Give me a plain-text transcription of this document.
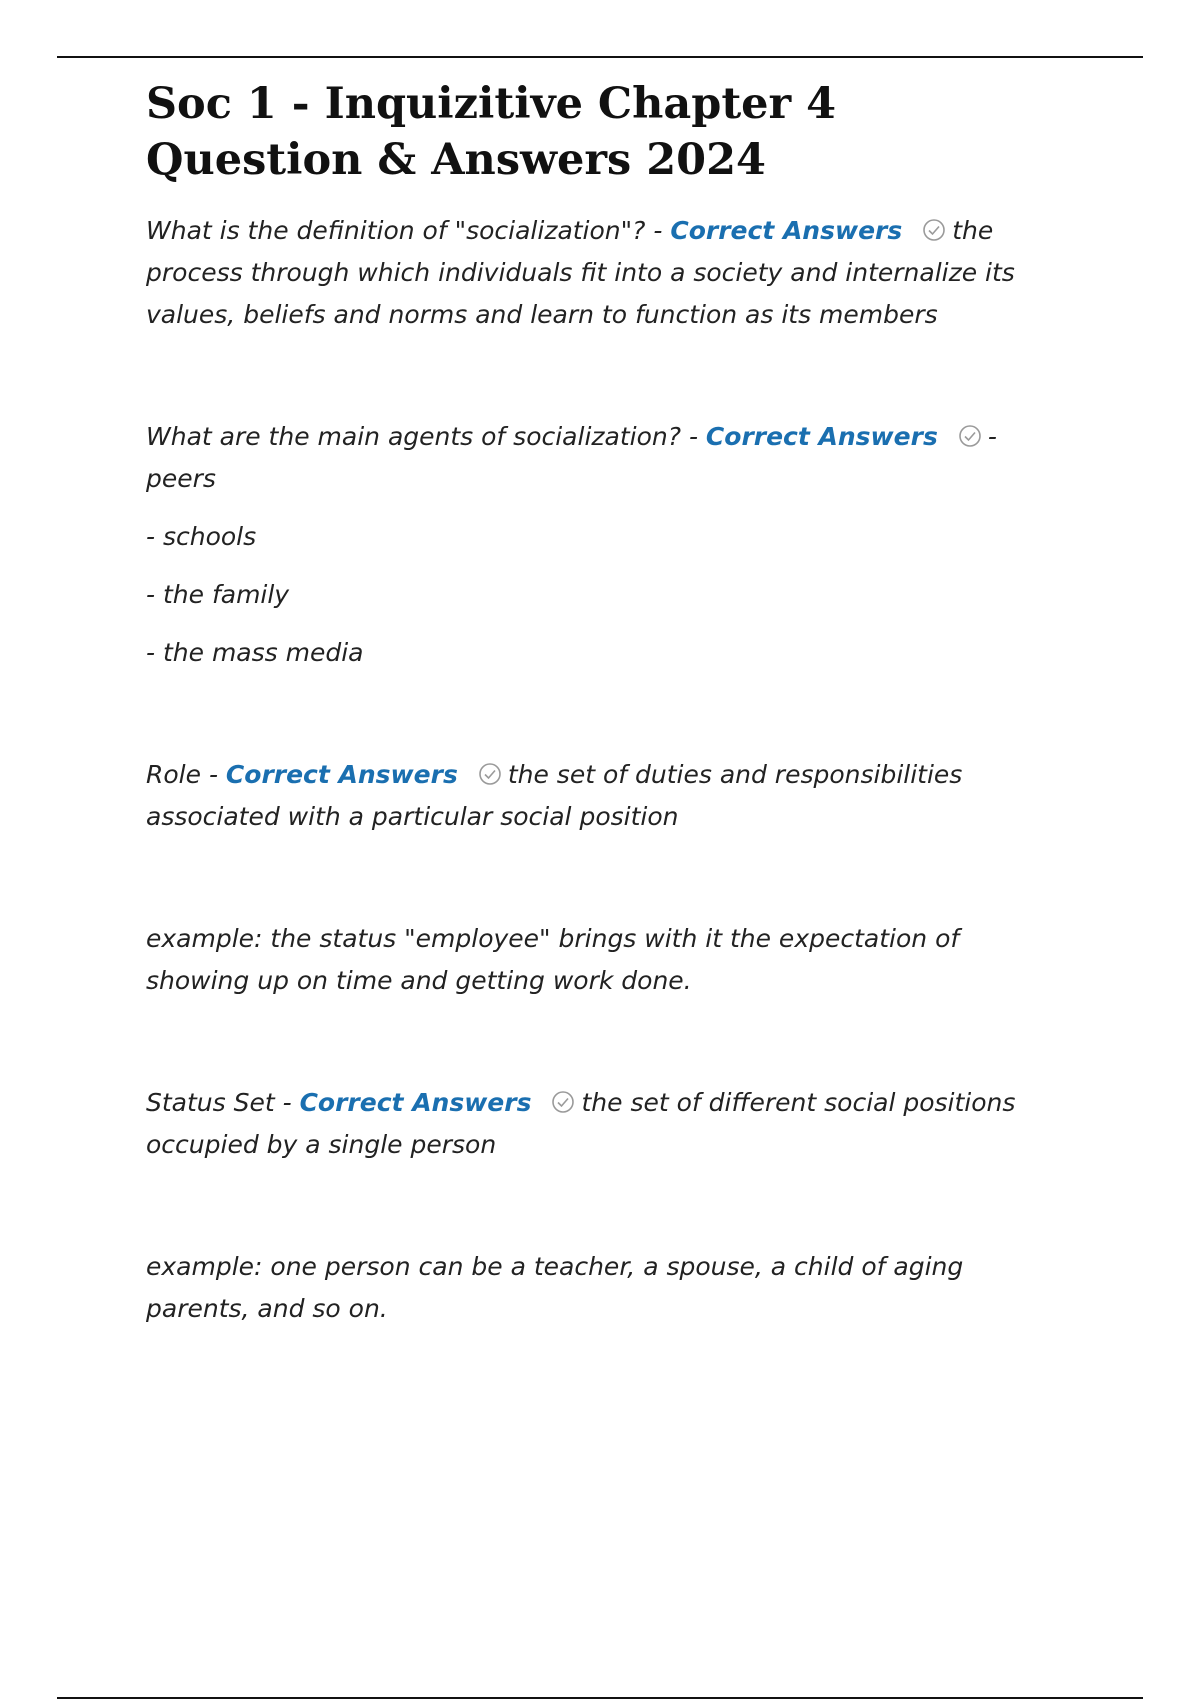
Soc 1 - Inquizitive Chapter 4 Question & Answers 2024

What is the definition of "socialization"? - Correct Answers the process through which individuals fit into a society and internalize its values, beliefs and norms and learn to function as its members

What are the main agents of socialization? - Correct Answers - peers

- schools

- the family

- the mass media

Role - Correct Answers the set of duties and responsibilities associated with a particular social position

example: the status "employee" brings with it the expectation of showing up on time and getting work done.

Status Set - Correct Answers the set of different social positions occupied by a single person

example: one person can be a teacher, a spouse, a child of aging parents, and so on.
